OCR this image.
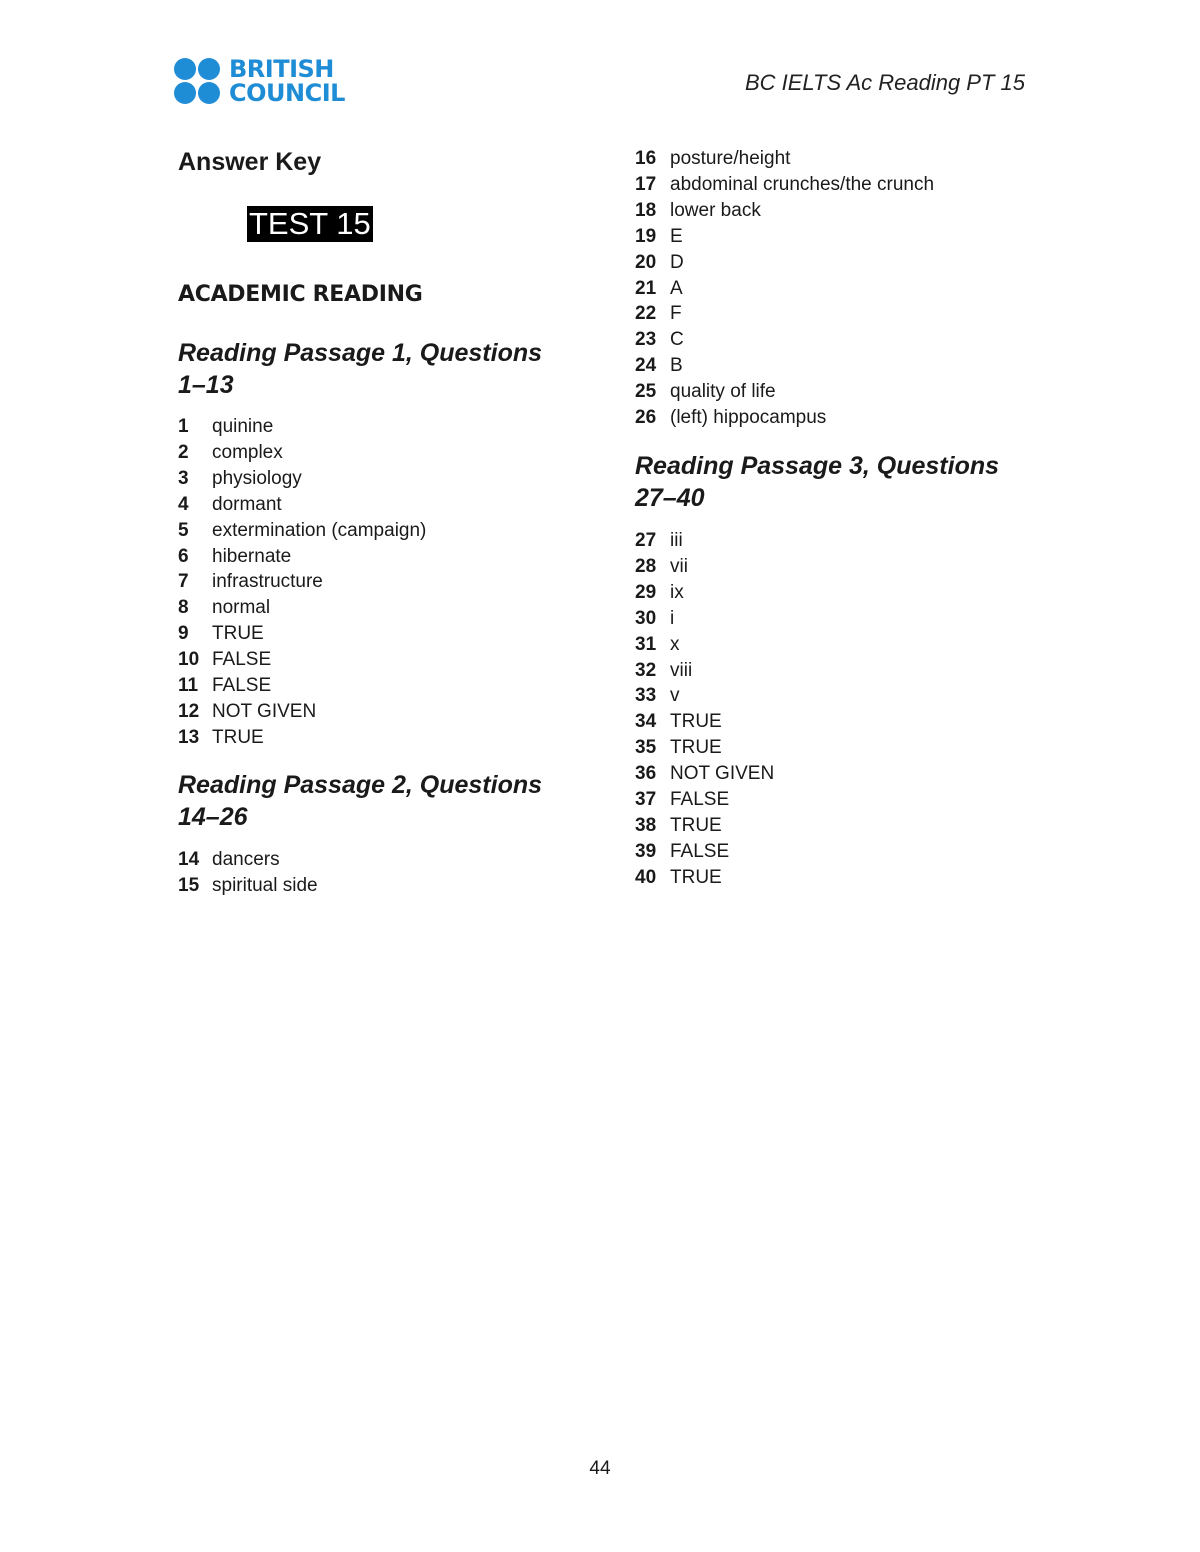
BRITISH
COUNCIL	BC IELTS Ac Reading PT 15
Answer Key
TEST 15
ACADEMIC READING
Reading Passage 1, Questions
1–13
1 quinine
2 complex
3 physiology
4 dormant
5 extermination (campaign)
6 hibernate
7 infrastructure
8 normal
9 TRUE
10 FALSE
11 FALSE
12 NOT GIVEN
13 TRUE
Reading Passage 2, Questions
14–26
14 dancers
15 spiritual side
16 posture/height
17 abdominal crunches/the crunch
18 lower back
19 E
20 D
21 A
22 F
23 C
24 B
25 quality of life
26 (left) hippocampus
Reading Passage 3, Questions
27–40
27 iii
28 vii
29 ix
30 i
31 x
32 viii
33 v
34 TRUE
35 TRUE
36 NOT GIVEN
37 FALSE
38 TRUE
39 FALSE
40 TRUE
44
